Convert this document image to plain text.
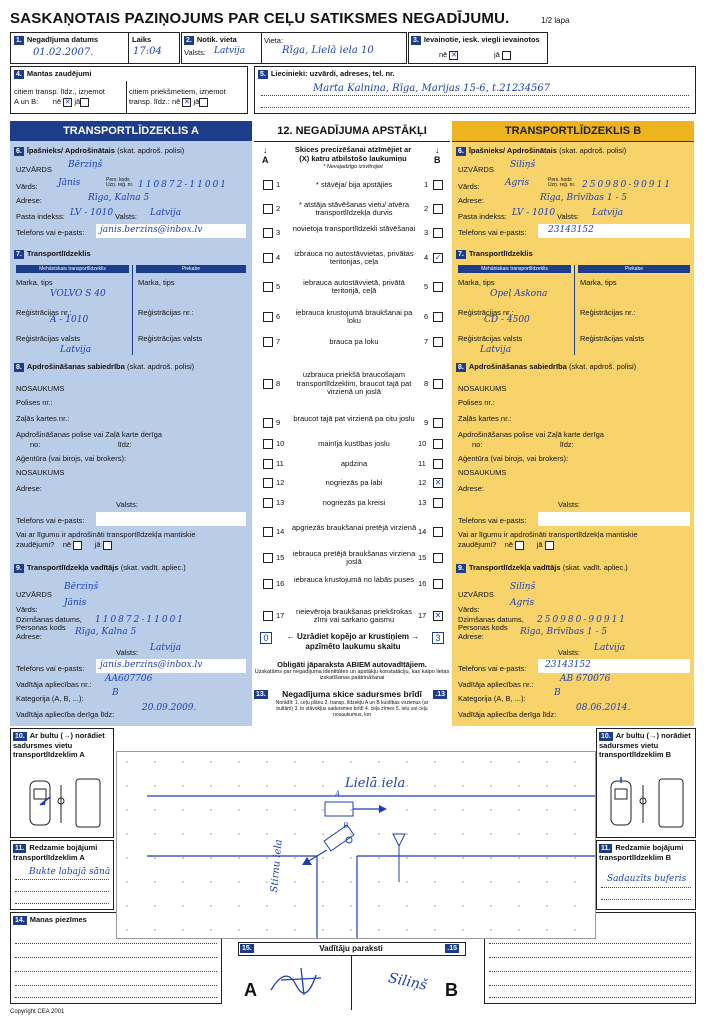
SASKAŅOTAIS PAZIŅOJUMS PAR CEĻU SATIKSMES NEGADĪJUMU.	1/2 lapa
1. Negadījuma datums
01.02.2007.
Laiks
17:04
2. Notik. vieta
Valsts: Latvija
Vieta:
Rīga, Lielā iela 10
3. Ievainotie, iesk. viegli ievainotos
nē ✕	jā
4. Mantas zaudējumi
citiem transp. līdz., izņemot
A un B: nē ✕ jā
citiem priekšmetiem, izņemot
transp. līdz.: nē ✕ jā
5. Liecinieki: uzvārdi, adreses, tel. nr.
Marta Kalniņa, Rīga, Marijas 15-6, t.21234567
TRANSPORTLĪDZEKLIS A
6. Īpašnieks/ Apdrošinātais (skat. apdroš. polisi)
UZVĀRDS Bērziņš
Vārds: Jānis	Pers. kods
Uzņ. reģ. nr. 110872-11001
Adrese:	Rīga, Kalna 5
Pasta indekss: LV - 1010 Valsts: Latvija
Telefons vai e-pasts: janis.berzins@inbox.lv
7. Transportlīdzeklis
Mehāniskais transportlīdzeklis	Piekabe
Marka, tips
VOLVO S 40
Reģistrācijas nr.:
A - 1010
Reģistrācijas valsts
Latvija
Marka, tips
Reģistrācijas nr.:
Reģistrācijas valsts
8. Apdrošināšanas sabiedrība (skat. apdroš. polisi)
NOSAUKUMS
Polises nr.:
Zaļās kartes nr.:
Apdrošināšanas polise vai Zaļā karte derīga
no:	līdz:
Aģentūra (vai birojs, vai brokers):
NOSAUKUMS
Adrese:
Valsts:
Telefons vai e-pasts:
Vai ar līgumu ir apdrošināti transportlīdzekļa mantiskie
zaudējumi? nē	jā
9. Transportlīdzekļa vadītājs (skat. vadīt. apliec.)
UZVĀRDS
Bērziņš
Vārds:
Jānis
Dzimšanas datums,
Personas kods
110872-11001
Adrese:	Rīga, Kalna 5
Valsts: Latvija
Telefons vai e-pasts: janis.berzins@inbox.lv
Vadītāja apliecības nr.:
AA607706
Kategorija (A, B, ...):
B
Vadītāja apliecība derīga līdz:
20.09.2009.
10. Ar bultu (→) norādiet sadursmes vietu transportlīdzeklim A
11. Redzamie bojājumi transportlīdzeklim A
Bukte labajā sānā
14. Manas piezīmes
TRANSPORTLĪDZEKLIS B
6. Īpašnieks/ Apdrošinātais (skat. apdroš. polisi)
UZVĀRDS Siliņš
Vārds:	Agris	Pers. kods
Uzņ. reģ. nr. 250980-90911
Adrese:	Rīga, Brīvības 1 - 5
Pasta indekss: LV - 1010 Valsts: Latvija
Telefons vai e-pasts: 23143152
7. Transportlīdzeklis
Mehāniskais transportlīdzeklis	Piekabe
Marka, tips
Opeļ Askona
Reģistrācijas nr.:
CD - 4500
Reģistrācijas valsts
Latvija
Marka, tips
Reģistrācijas nr.:
Reģistrācijas valsts
8. Apdrošināšanas sabiedrība (skat. apdroš. polisi)
NOSAUKUMS
Polises nr.:
Zaļās kartes nr.:
Apdrošināšanas polise vai Zaļā karte derīga
no:	līdz:
Aģentūra (vai birojs, vai brokers):
NOSAUKUMS
Adrese:
Valsts:
Telefons vai e-pasts:
Vai ar līgumu ir apdrošināti transportlīdzekļa mantiskie
zaudējumi? nē	jā
9. Transportlīdzekļa vadītājs (skat. vadīt. apliec.)
UZVĀRDS
Siliņš
Vārds:
Agris
Dzimšanas datums,
Personas kods
250980-90911
Adrese:	Rīga, Brīvības 1 - 5
Valsts: Latvija
Telefons vai e-pasts: 23143152
Vadītāja apliecības nr.:
AB 670076
Kategorija (A, B, ...):
B
Vadītāja apliecība derīga līdz:
08.06.2014.
10. Ar bultu (→) norādiet sadursmes vietu transportlīdzeklim B
11. Redzamie bojājumi transportlīdzeklim B
Sadauzīts buferis
12. NEGADĪJUMA APSTĀKĻI
↓
A
↓
B
Skices precizēšanai atzīmējiet ar
(X) katru atbilstošo laukumiņu
* Nevajadzīgo izsvītrojiet
1	* stāvēja/ bija apstājies	1
2	* atstāja stāvēšanas vietu/ atvēra transportlīdzekļa durvis	2
3	novietoja transportlīdzekli stāvēšanai	3
4	izbrauca no autostāvvietas, privātas teritorijas, ceļa	4 ✓
5	iebrauca autostāvvietā, privātā teritorijā, ceļā	5
6	iebrauca krustojumā braukšanai pa loku	6
7	brauca pa loku	7
8
uzbrauca priekšā braucošajam transportlīdzeklim, braucot tajā pat virzienā un joslā
8
9	braucot tajā pat virzienā pa citu joslu	9
10	mainīja kustības joslu	10
11	apdzina	11
12	nogriezās pa labi	12 ✕
13	nogriezās pa kreisi	13
14 apgriezās braukšanai pretējā virzienā 14
15	iebrauca pretējā braukšanas virziena joslā	15
16	iebrauca krustojumā no labās puses 16
17	neievēroja braukšanas priekšrokas zīmi vai sarkano gaismu	17 ✕
0	← Uzrādiet kopējo ar krustiņiem →
apzīmēto laukumu skaitu
3
Obligāti jāparaksta ABIEM autovadītājiem.
Uzskatāms par negadījuma identitātes un apstākļu konstatāciju, kas kalpo lietas izskatīšanas paātrināšanai
13.	.13
Negadījuma skice sadursmes brīdī
Norādīt: 1. ceļu plānu 2. transp. līdzekļu A un B kustības virzienus (ar bultām) 3. to stāvokļus sadursmes brīdī 4. ceļa zīmes 5. ielu vai ceļu nosaukumus, km
Lielā iela
Stirnu iela
A
B
15.	.15
Vadītāju paraksti
A	B
Siliņš
Copyright CEA 2001
